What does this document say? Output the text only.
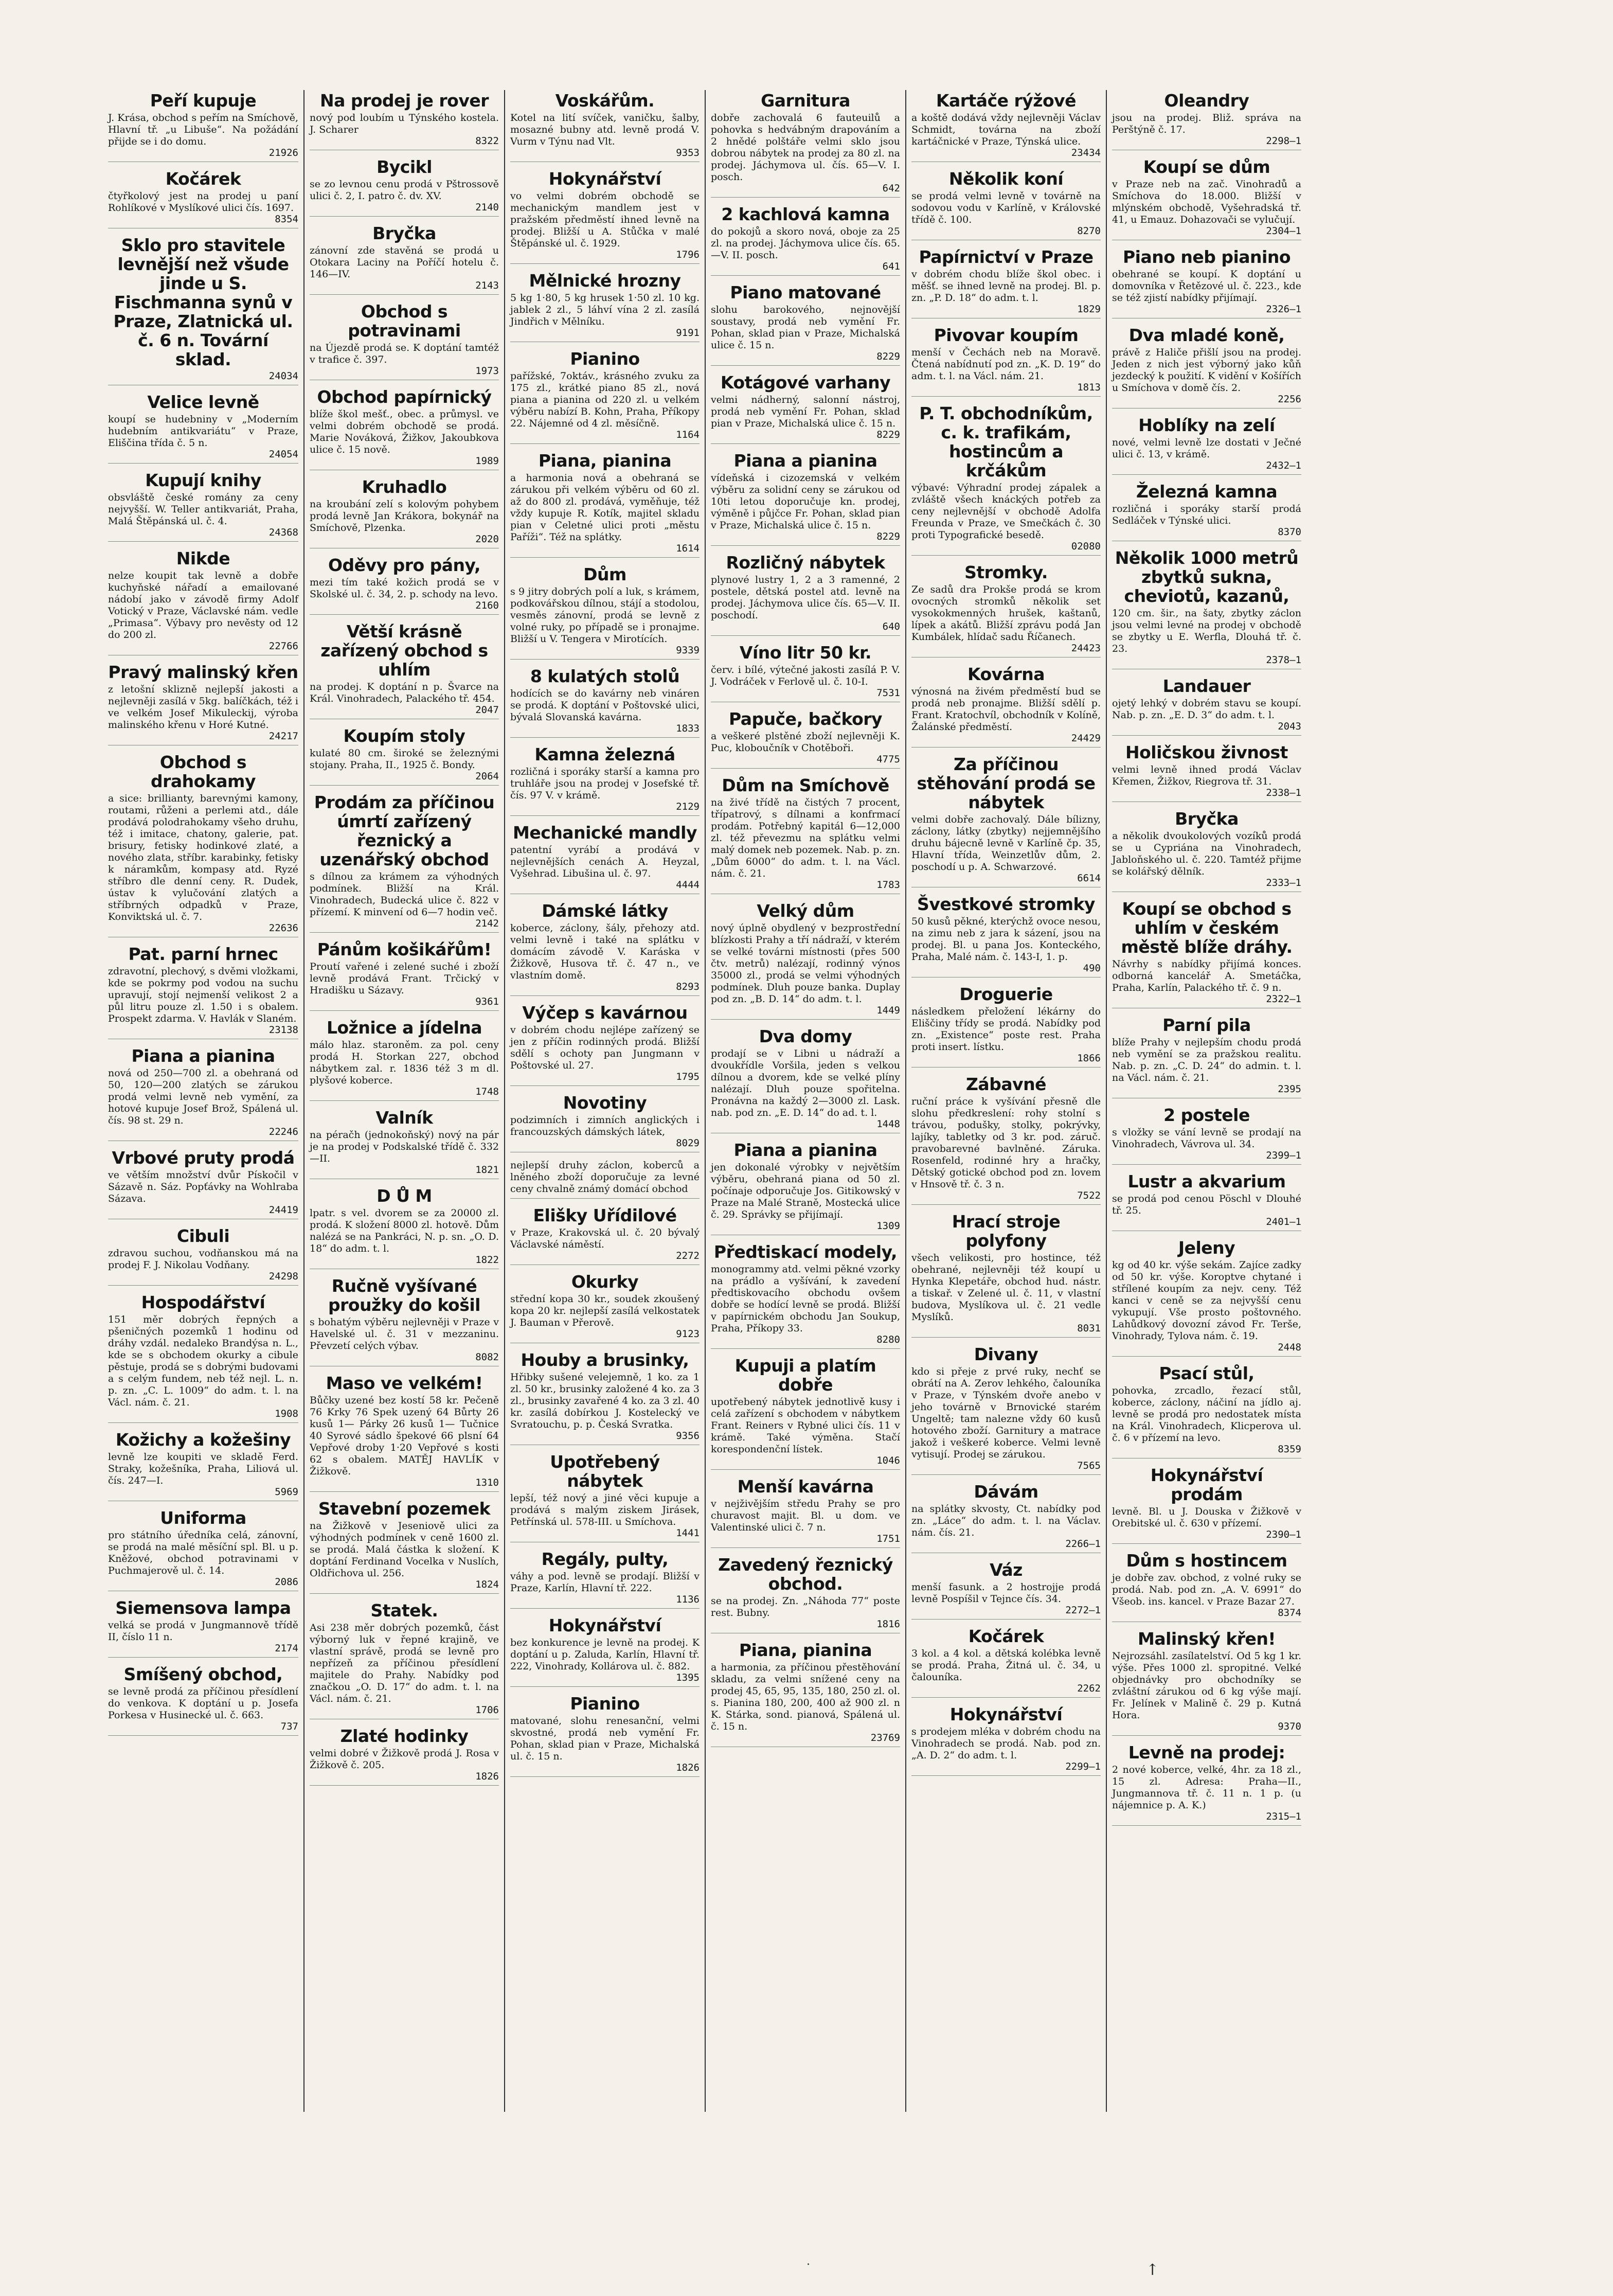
Peří kupuje

J. Krása, obchod s peřím na Smíchově, Hlavní tř. „u Libuše“. Na požádání přijde se i do domu.

21926
Kočárek

čtyřkolový jest na prodej u paní Rohlíkové v Myslíkové ulici čís. 1697.

8354
Sklo pro stavitele levnější než všude jinde u S. Fischmanna synů v Praze, Zlatnická ul. č. 6 n. Tovární sklad.
24034
Velice levně

koupí se hudebniny v „Moderním hudebním antikvariátu“ v Praze, Eliščina třída č. 5 n.

24054
Kupují knihy

obsvláště české romány za ceny nejvyšší. W. Teller antikvariát, Praha, Malá Štěpánská ul. č. 4.

24368
Nikde

nelze koupit tak levně a dobře kuchyňské nářadí a emailované nádobí jako v závodě firmy Adolf Votický v Praze, Václavské nám. vedle „Primasa“. Výbavy pro nevěsty od 12 do 200 zl.

22766
Pravý malinský křen

z letošní sklizně nejlepší jakosti a nejlevněji zasílá v 5kg. balíčkách, též i ve velkém Josef Mikuleckij, výroba malinského křenu v Horé Kutné.

24217
Obchod s drahokamy

a sice: brillianty, barevnými kamony, routami, růženi a perlemi atd., dále prodává polodrahokamy všeho druhu, též i imitace, chatony, galerie, pat. brisury, fetisky hodinkové zlaté, a nového zlata, stříbr. karabinky, fetisky k náramkům, kompasy atd. Ryzé stříbro dle denní ceny. R. Dudek, ústav k vylučování zlatých a stříbrných odpadků v Praze, Konviktská ul. č. 7.

22636
Pat. parní hrnec

zdravotní, plechový, s dvěmi vložkami, kde se pokrmy pod vodou na suchu upravují, stojí nejmenší velikost 2 a půl litru pouze zl. 1.50 i s obalem. Prospekt zdarma. V. Havlák v Slaném.

23138
Piana a pianina

nová od 250—700 zl. a obehraná od 50, 120—200 zlatých se zárukou prodá velmi levně neb vymění, za hotové kupuje Josef Brož, Spálená ul. čís. 98 st. 29 n.

22246
Vrbové pruty prodá

ve větším množství dvůr Pískočil v Sázavě n. Sáz. Popťávky na Wohlraba Sázava.

24419
Cibuli

zdravou suchou, vodňanskou má na prodej F. J. Nikolau Vodňany.

24298
Hospodářství

151 měr dobrých řepných a pšeničných pozemků 1 hodinu od dráhy vzdál. nedaleko Brandýsa n. L., kde se s obchodem okurky a cibule pěstuje, prodá se s dobrými budovami a s celým fundem, neb též nejl. L. n. p. zn. „C. L. 1009“ do adm. t. l. na Václ. nám. č. 21.

1908
Kožichy a kožešiny

levně lze koupiti ve skladě Ferd. Straky, kožešníka, Praha, Liliová ul. čís. 247—I.

5969
Uniforma

pro státního úředníka celá, zánovní, se prodá na malé měsíční spl. Bl. u p. Kněžové, obchod potravinami v Puchmajerově ul. č. 14.

2086
Siemensova lampa

velká se prodá v Jungmannově třídě II, číslo 11 n.

2174
Smíšený obchod,

se levně prodá za příčinou přesídlení do venkova. K doptání u p. Josefa Porkesa v Husinecké ul. č. 663.

737
Na prodej je rover

nový pod loubím u Týnského kostela. J. Scharer

8322
Bycikl

se zo levnou cenu prodá v Pštrossově ulici č. 2, I. patro č. dv. XV.

2140
Bryčka

zánovní zde stavěná se prodá u Otokara Laciny na Poříčí hotelu č. 146—IV.

2143
Obchod s potravinami

na Újezdě prodá se. K doptání tamtéž v trafice č. 397.

1973
Obchod papírnický

blíže škol mešť., obec. a průmysl. ve velmi dobrém obchodě se prodá. Marie Nováková, Žižkov, Jakoubkova ulice č. 15 nově.

1989
Kruhadlo

na kroubání zelí s kolovým pohybem prodá levně Jan Krákora, bokynář na Smíchově, Plzenka.

2020
Oděvy pro pány,

mezi tím také kožich prodá se v Skolské ul. č. 34, 2. p. schody na levo.

2160
Větší krásně zařízený obchod s uhlím

na prodej. K doptání n p. Švarce na Král. Vinohradech, Palackého tř. 454.

2047
Koupím stoly

kulaté 80 cm. široké se železnými stojany. Praha, II., 1925 č. Bondy.

2064
Prodám za příčinou úmrtí zařízený řeznický a uzenářský obchod

s dílnou za krámem za výhodných podmínek. Bližší na Král. Vinohradech, Budecká ulice č. 822 v přízemí. K minvení od 6—7 hodin več.

2142
Pánům košikářům!

Proutí vařené i zelené suché i zboží levně prodává Frant. Trčický v Hradišku u Sázavy.

9361
Ložnice a jídelna

málo hlaz. staroněm. za pol. ceny prodá H. Storkan 227, obchod nábytkem zal. r. 1836 též 3 m dl. plyšové koberce.

1748
Valník

na péračh (jednokoňský) nový na pár je na prodej v Podskalské třídě č. 332—II.

1821
D Ů M

lpatr. s vel. dvorem se za 20000 zl. prodá. K složení 8000 zl. hotově. Dům nalézá se na Pankráci, N. p. sn. „O. D. 18“ do adm. t. l.

1822
Ručně vyšívané proužky do košil

s bohatým výběru nejlevněji v Praze v Havelské ul. č. 31 v mezzaninu. Převzetí celých výbav.

8082
Maso ve velkém!

Bůčky uzené bez kostí 58 kr. Pečeně 76 Krky 76 Spek uzený 64 Bůrty 26 kusů 1— Párky 26 kusů 1— Tučnice 40 Syrové sádlo špekové 66 plsní 64 Vepřové droby 1·20 Vepřové s kosti 62 s obalem. MATĚJ HAVLÍK v Žižkově.

1310
Stavební pozemek

na Žižkově v Jeseniově ulici za výhodných podmínek v ceně 1600 zl. se prodá. Malá částka k složení. K doptání Ferdinand Vocelka v Nuslích, Oldřichova ul. 256.

1824
Statek.

Asi 238 měr dobrých pozemků, část výborný luk v řepné krajině, ve vlastní správě, prodá se levně pro nepřízeň za příčinou přesídlení majitele do Prahy. Nabídky pod značkou „O. D. 17“ do adm. t. l. na Václ. nám. č. 21.

1706
Zlaté hodinky

velmi dobré v Žižkově prodá J. Rosa v Žižkově č. 205.

1826
Voskářům.

Kotel na lití svíček, vaničku, šalby, mosazné bubny atd. levně prodá V. Vurm v Týnu nad Vlt.

9353
Hokynářství

vo velmi dobrém obchodě se mechanickým mandlem jest v pražském předměstí ihned levně na prodej. Bližší u A. Stůčka v malé Štěpánské ul. č. 1929.

1796
Mělnické hrozny

5 kg 1·80, 5 kg hrusek 1·50 zl. 10 kg. jablek 2 zl., 5 láhví vína 2 zl. zasílá Jindřich v Mělníku.

9191
Pianino

pařížské, 7oktáv., krásného zvuku za 175 zl., krátké piano 85 zl., nová piana a pianina od 220 zl. u velkém výběru nabízí B. Kohn, Praha, Příkopy 22. Nájemné od 4 zl. měsíčně.

1164
Piana, pianina

a harmonia nová a obehraná se zárukou při velkém výběru od 60 zl. až do 800 zl. prodává, vyměňuje, též vždy kupuje R. Kotík, majitel skladu pian v Celetné ulici proti „městu Paříži“. Též na splátky.

1614
Dům

s 9 jitry dobrých polí a luk, s krámem, podkovářskou dílnou, stájí a stodolou, vesměs zánovní, prodá se levně z volné ruky, po případě se i pronajme. Bližší u V. Tengera v Mirotících.

9339
8 kulatých stolů

hodících se do kavárny neb vináren se prodá. K doptání v Poštovské ulici, bývalá Slovanská kavárna.

1833
Kamna železná

rozličná i sporáky starší a kamna pro truhláře jsou na prodej v Josefské tř. čís. 97 V. v krámě.

2129
Mechanické mandly

patentní vyrábí a prodává v nejlevnějších cenách A. Heyzal, Vyšehrad. Libušina ul. č. 97.

4444
Dámské látky

koberce, záclony, šály, přehozy atd. velmi levně i také na splátku v domácím závodě V. Karáska v Žižkově, Husova tř. č. 47 n., ve vlastním domě.

8293
Výčep s kavárnou

v dobrém chodu nejlépe zařízený se jen z příčin rodinných prodá. Bližší sdělí s ochoty pan Jungmann v Poštovské ul. 27.

1795
Novotiny

podzimních i zimních anglických i francouzských dámských látek,

8029

nejlepší druhy záclon, koberců a lněného zboží doporučuje za levné ceny chvalně známý domácí obchod

Elišky Uřídilové

v Praze, Krakovská ul. č. 20 bývalý Václavské náměstí.

2272
Okurky

střední kopa 30 kr., soudek zkoušený kopa 20 kr. nejlepší zasílá velkostatek J. Bauman v Přerově.

9123
Houby a brusinky,

Hřibky sušené velejemně, 1 ko. za 1 zl. 50 kr., brusinky založené 4 ko. za 3 zl., brusinky zavařené 4 ko. za 3 zl. 40 kr. zasílá dobírkou J. Kostelecký ve Svratouchu, p. p. Česká Svratka.

9356
Upotřebený nábytek

lepší, též nový a jiné věci kupuje a prodává s malým ziskem Jirásek, Petřínská ul. 578-III. u Smíchova.

1441
Regály, pulty,

váhy a pod. levně se prodají. Bližší v Praze, Karlín, Hlavní tř. 222.

1136
Hokynářství

bez konkurence je levně na prodej. K doptání u p. Zaluda, Karlín, Hlavní tř. 222, Vinohrady, Kollárova ul. č. 882.

1395
Pianino

matované, slohu renesanční, velmi skvostné, prodá neb vymění Fr. Pohan, sklad pian v Praze, Michalská ul. č. 15 n.

1826
Garnitura

dobře zachovalá 6 fauteuilů a pohovka s hedvábným drapováním a 2 hnědé polštáře velmi sklo jsou dobrou nábytek na prodej za 80 zl. na prodej. Jáchymova ul. čís. 65—V. I. posch.

642
2 kachlová kamna

do pokojů a skoro nová, oboje za 25 zl. na prodej. Jáchymova ulice čís. 65.—V. II. posch.

641
Piano matované

slohu barokového, nejnovější soustavy, prodá neb vymění Fr. Pohan, sklad pian v Praze, Michalská ulice č. 15 n.

8229
Kotágové varhany

velmi nádherný, salonní nástroj, prodá neb vymění Fr. Pohan, sklad pian v Praze, Michalská ulice č. 15 n.

8229
Piana a pianina

vídeňská i cizozemská v velkém výběru za solidní ceny se zárukou od 10ti letou doporučuje kn. prodej, výměně i půjčce Fr. Pohan, sklad pian v Praze, Michalská ulice č. 15 n.

8229
Rozličný nábytek

plynové lustry 1, 2 a 3 ramenné, 2 postele, dětská postel atd. levně na prodej. Jáchymova ulice čís. 65—V. II. poschodí.

640
Víno litr 50 kr.

červ. i bílé, výtečné jakosti zasílá P. V. J. Vodráček v Ferlově ul. č. 10-I.

7531
Papuče, bačkory

a veškeré plstěné zboží nejlevněji K. Puc, kloboučník v Chotěboři.

4775
Dům na Smíchově

na živé třídě na čistých 7 procent, třípatrový, s dílnami a konfrmací prodám. Potřebný kapitál 6—12,000 zl. též převezmu na splátku velmi malý domek neb pozemek. Nab. p. zn. „Dům 6000“ do adm. t. l. na Václ. nám. č. 21.

1783
Velký dům

nový úplně obydlený v bezprostřední blízkosti Prahy a tří nádraží, v kterém se velké továrni místnosti (přes 500 čtv. metrů) nalézají, rodinný výnos 35000 zl., prodá se velmi výhodných podmínek. Dluh pouze banka. Duplay pod zn. „B. D. 14“ do adm. t. l.

1449
Dva domy

prodají se v Libni u nádraží a dvoukřídle Voršila, jeden s velkou dílnou a dvorem, kde se velké plíny nalézají. Dluh pouze spořitelna. Pronávna na každý 2—3000 zl. Lask. nab. pod zn. „E. D. 14“ do ad. t. l.

1448
Piana a pianina

jen dokonalé výrobky v největším výběru, obehraná piana od 50 zl. počínaje odporučuje Jos. Gitikowský v Praze na Malé Straně, Mostecká ulice č. 29. Správky se přijímají.

1309
Předtiskací modely,

monogrammy atd. velmi pěkné vzorky na prádlo a vyšívání, k zavedení předtiskovacího obchodu ovšem dobře se hodící levně se prodá. Bližší v papírnickém obchodu Jan Soukup, Praha, Příkopy 33.

8280
Kupuji a platím dobře

upotřebený nábytek jednotlivě kusy i celá zařízení s obchodem v nábytkem Frant. Reiners v Rybné ulici čís. 11 v krámě. Také výměna. Stačí korespondenční lístek.

1046
Menší kavárna

v nejživějším středu Prahy se pro churavost majit. Bl. u dom. ve Valentinské ulici č. 7 n.

1751
Zavedený řeznický obchod.

se na prodej. Zn. „Náhoda 77“ poste rest. Bubny.

1816
Piana, pianina

a harmonia, za příčinou přestěhování skladu, za velmi snížené ceny na prodej 45, 65, 95, 135, 180, 250 zl. ol. s. Pianina 180, 200, 400 až 900 zl. n K. Stárka, sond. pianová, Spálená ul. č. 15 n.

23769
Kartáče rýžové

a koště dodává vždy nejlevněji Václav Schmidt, továrna na zboží kartáčnické v Praze, Týnská ulice.

23434
Několik koní

se prodá velmi levně v továrně na sodovou vodu v Karlíně, v Královské třídě č. 100.

8270
Papírnictví v Praze

v dobrém chodu blíže škol obec. i měšť. se ihned levně na prodej. Bl. p. zn. „P. D. 18“ do adm. t. l.

1829
Pivovar koupím

menší v Čechách neb na Moravě. Čtená nabídnutí pod zn. „K. D. 19“ do adm. t. l. na Václ. nám. 21.

1813
P. T. obchodníkům, c. k. trafikám, hostincům a krčákům

výbavé: Výhradní prodej zápalek a zvláště všech knáckých potřeb za ceny nejlevnější v obchodě Adolfa Freunda v Praze, ve Smečkách č. 30 proti Typografické besedě.

02080
Stromky.

Ze sadů dra Prokše prodá se krom ovocných stromků několik set vysokokmenných hrušek, kaštanů, lípek a akátů. Bližší zprávu podá Jan Kumbálek, hlídač sadu Říčanech.

24423
Kovárna

výnosná na živém předměstí bud se prodá neb pronajme. Bližší sdělí p. Frant. Kratochvíl, obchodník v Kolíně, Žalánské předměstí.

24429
Za příčinou stěhování prodá se nábytek

velmi dobře zachovalý. Dále bílizny, záclony, látky (zbytky) nejjemnějšího druhu bájecně levně v Karlíně čp. 35, Hlavní třída, Weinzetlův dům, 2. poschodí u p. A. Schwarzové.

6614
Švestkové stromky

50 kusů pěkné, kterýchž ovoce nesou, na zimu neb z jara k sázení, jsou na prodej. Bl. u pana Jos. Konteckého, Praha, Malé nám. č. 143-I, 1. p.

490
Droguerie

následkem přeložení lékárny do Eliščiny třídy se prodá. Nabídky pod zn. „Existence“ poste rest. Praha proti insert. lístku.

1866
Zábavné

ruční práce k vyšívání přesně dle slohu předkreslení: rohy stolní s trávou, podušky, stolky, pokrývky, lajíky, tabletky od 3 kr. pod. záruč. pravobarevné bavlněné. Záruka. Rosenfeld, rodinné hry a hračky, Dětský gotické obchod pod zn. lovem v Hnsově tř. č. 3 n.

7522
Hrací stroje polyfony

všech velikosti, pro hostince, též obehrané, nejlevněji též koupí u Hynka Klepetáře, obchod hud. nástr. a tiskař. v Zelené ul. č. 11, v vlastní budova, Myslíkova ul. č. 21 vedle Myslíků.

8031
Divany

kdo si přeje z prvé ruky, nechť se obrátí na A. Zerov lehkého, čalouníka v Praze, v Týnském dvoře anebo v jeho továrně v Brnovické starém Ungeltě; tam nalezne vždy 60 kusů hotového zboží. Garnitury a matrace jakož i veškeré koberce. Velmi levně vytisují. Prodej se zárukou.

7565
Dávám

na splátky skvosty, Ct. nabídky pod zn. „Láce“ do adm. t. l. na Václav. nám. čís. 21.

2266—1
Váz

menší fasunk. a 2 hostrojje prodá levně Pospíšil v Tejnce čís. 34.

2272—1
Kočárek

3 kol. a 4 kol. a dětská kolébka levně se prodá. Praha, Žitná ul. č. 34, u čalouníka.

2262
Hokynářství

s prodejem mléka v dobrém chodu na Vinohradech se prodá. Nab. pod zn. „A. D. 2“ do adm. t. l.

2299—1
Oleandry

jsou na prodej. Bliž. správa na Perštýně č. 17.

2298—1
Koupí se dům

v Praze neb na zač. Vinohradů a Smíchova do 18.000. Bližší v mlýnském obchodě, Vyšehradská tř. 41, u Emauz. Dohazovači se vylučují.

2304—1
Piano neb pianino

obehrané se koupí. K doptání u domovníka v Řetězové ul. č. 223., kde se též zjistí nabídky přijímají.

2326—1
Dva mladé koně,

právě z Haliče přišlí jsou na prodej. Jeden z nich jest výborný jako kůň jezdecký k použití. K vidění v Košířích u Smíchova v domě čís. 2.

2256
Hoblíky na zelí

nové, velmi levně lze dostati v Ječné ulici č. 13, v krámě.

2432—1
Železná kamna

rozličná i sporáky starší prodá Sedláček v Týnské ulici.

8370
Několik 1000 metrů zbytků sukna, cheviotů, kazanů,

120 cm. šir., na šaty, zbytky záclon jsou velmi levné na prodej v obchodě se zbytky u E. Werfla, Dlouhá tř. č. 23.

2378—1
Landauer

ojetý lehký v dobrém stavu se koupí. Nab. p. zn. „E. D. 3“ do adm. t. l.

2043
Holičskou živnost

velmi levně ihned prodá Václav Křemen, Žižkov, Riegrova tř. 31.

2338—1
Bryčka

a několik dvoukolových vozíků prodá se u Cypriána na Vinohradech, Jabloňského ul. č. 220. Tamtéž přijme se kolářský dělník.

2333—1
Koupí se obchod s uhlím v českém městě blíže dráhy.

Návrhy s nabídky přijímá konces. odborná kancelář A. Smetáčka, Praha, Karlín, Palackého tř. č. 9 n.

2322—1
Parní pila

blíže Prahy v nejlepším chodu prodá neb vymění se za pražskou realitu. Nab. p. zn. „C. D. 24“ do admin. t. l. na Václ. nám. č. 21.

2395
2 postele

s vložky se vání levně se prodají na Vinohradech, Vávrova ul. 34.

2399—1
Lustr a akvarium

se prodá pod cenou Pöschl v Dlouhé tř. 25.

2401—1
Jeleny

kg od 40 kr. výše sekám. Zajíce zadky od 50 kr. výše. Koroptve chytané i střílené koupím za nejv. ceny. Též kanci v ceně se za nejvyšší cenu vykupují. Vše prosto poštovného. Lahůdkový dovozní závod Fr. Terše, Vinohrady, Tylova nám. č. 19.

2448
Psací stůl,

pohovka, zrcadlo, řezací stůl, koberce, záclony, náčiní na jídlo aj. levně se prodá pro nedostatek místa na Král. Vinohradech, Klicperova ul. č. 6 v přízemí na levo.

8359
Hokynářství prodám

levně. Bl. u J. Douska v Žižkově v Orebitské ul. č. 630 v přízemí.

2390—1
Dům s hostincem

je dobře zav. obchod, z volné ruky se prodá. Nab. pod zn. „A. V. 6991“ do Všeob. ins. kancel. v Praze Bazar 27.

8374
Malinský křen!

Nejrozsáhl. zasílatelství. Od 5 kg 1 kr. výše. Přes 1000 zl. spropitné. Velké objednávky pro obchodníky se zvláštní zárukou od 6 kg výše mají. Fr. Jelínek v Malině č. 29 p. Kutná Hora.

9370
Levně na prodej:

2 nové koberce, velké, 4hr. za 18 zl., 15 zl. Adresa: Praha—II., Jungmannova tř. č. 11 n. 1 p. (u nájemnice p. A. K.)

2315—1
·	↑
